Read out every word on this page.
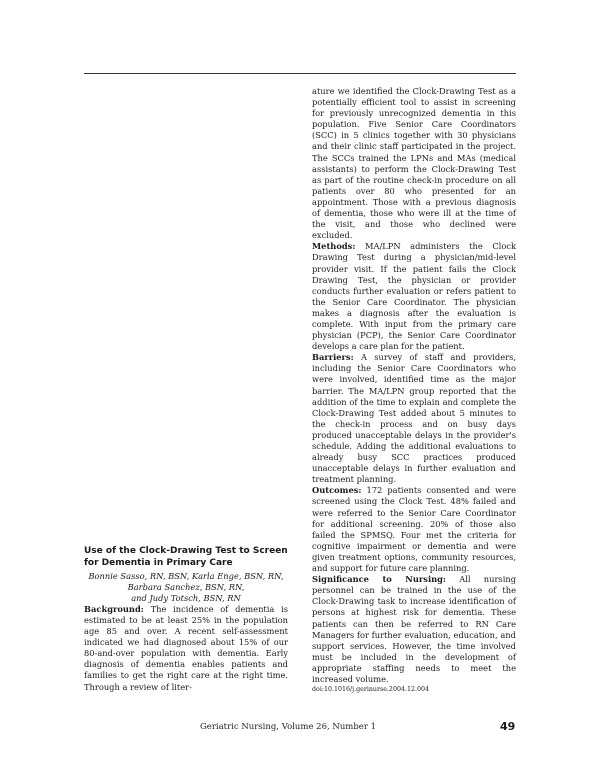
Use of the Clock-Drawing Test to Screen
for Dementia in Primary Care

Bonnie Sasso, RN, BSN, Karla Enge, BSN, RN,
Barbara Sanchez, BSN, RN,
and Judy Totsch, BSN, RN

Background: The incidence of dementia is estimated to be at least 25% in the population age 85 and over. A recent self-assessment indicated we had diagnosed about 15% of our 80-and-over population with dementia. Early diagnosis of dementia enables patients and families to get the right care at the right time. Through a review of liter-

ature we identified the Clock-Drawing Test as a potentially efficient tool to assist in screening for previously unrecognized dementia in this population. Five Senior Care Coordinators (SCC) in 5 clinics together with 30 physicians and their clinic staff participated in the project. The SCCs trained the LPNs and MAs (medical assistants) to perform the Clock-Drawing Test as part of the routine check-in procedure on all patients over 80 who presented for an appointment. Those with a previous diagnosis of dementia, those who were ill at the time of the visit, and those who declined were excluded.

Methods: MA/LPN administers the Clock Drawing Test during a physician/mid-level provider visit. If the patient fails the Clock Drawing Test, the physician or provider conducts further evaluation or refers patient to the Senior Care Coordinator. The physician makes a diagnosis after the evaluation is complete. With input from the primary care physician (PCP), the Senior Care Coordinator develops a care plan for the patient.

Barriers: A survey of staff and providers, including the Senior Care Coordinators who were involved, identified time as the major barrier. The MA/LPN group reported that the addition of the time to explain and complete the Clock-Drawing Test added about 5 minutes to the check-in process and on busy days produced unacceptable delays in the provider's schedule. Adding the additional evaluations to already busy SCC practices produced unacceptable delays in further evaluation and treatment planning.

Outcomes: 172 patients consented and were screened using the Clock Test. 48% failed and were referred to the Senior Care Coordinator for additional screening. 20% of those also failed the SPMSQ. Four met the criteria for cognitive impairment or dementia and were given treatment options, community resources, and support for future care planning.

Significance to Nursing: All nursing personnel can be trained in the use of the Clock-Drawing task to increase identification of persons at highest risk for dementia. These patients can then be referred to RN Care Managers for further evaluation, education, and support services. However, the time involved must be included in the development of appropriate staffing needs to meet the increased volume.

doi:10.1016/j.gerinurse.2004.12.004

Geriatric Nursing, Volume 26, Number 1	49
